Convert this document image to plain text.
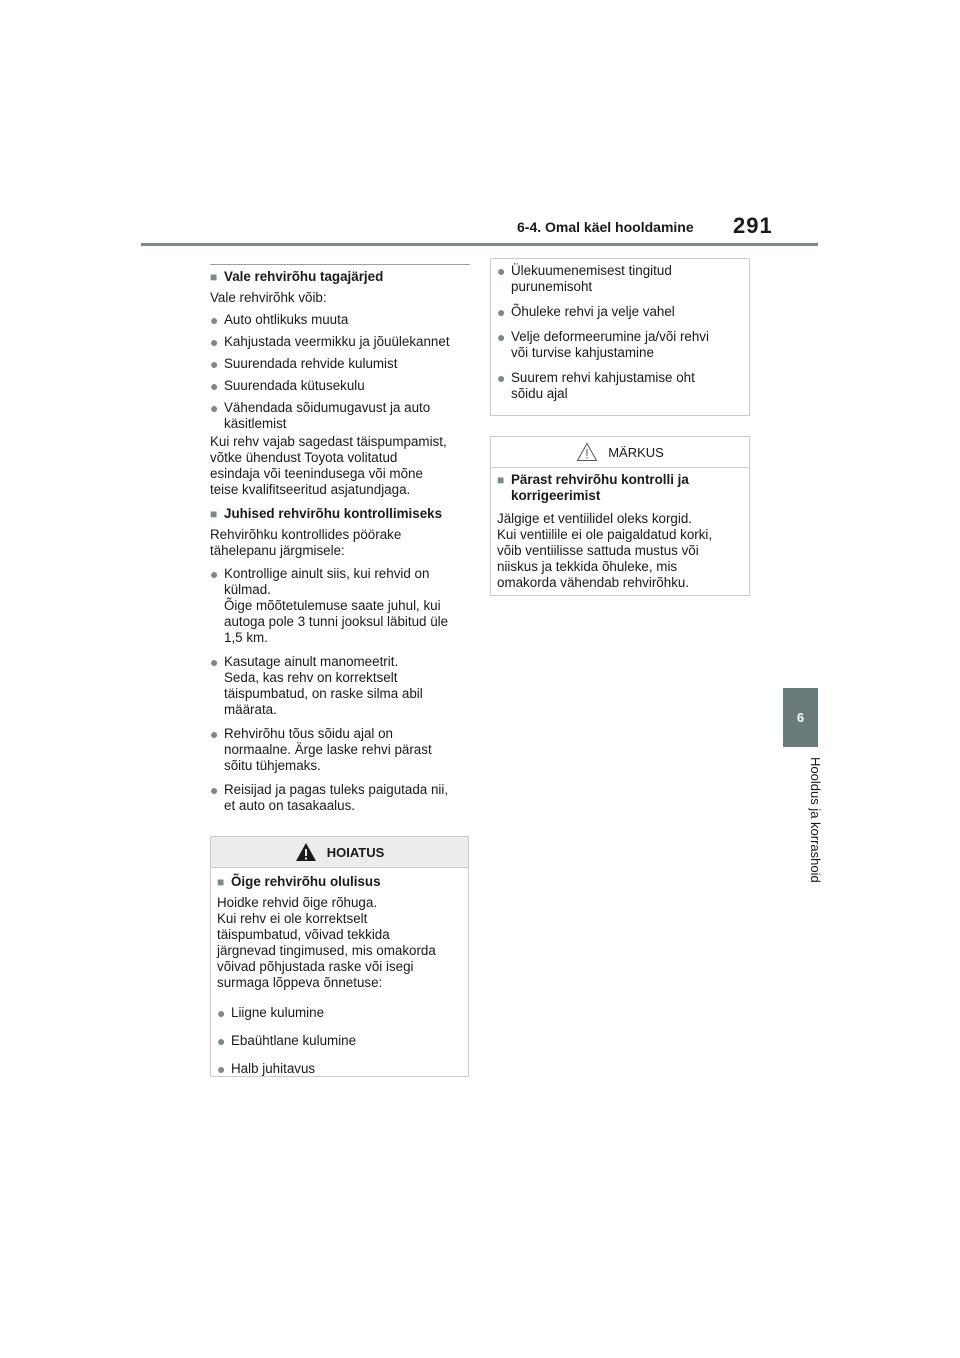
6-4. Omal käel hooldamine 291
6
Hooldus ja korrashoid
■ Vale rehvirõhu tagajärjed
Vale rehvirõhk võib:
● Auto ohtlikuks muuta
● Kahjustada veermikku ja jõuülekannet
● Suurendada rehvide kulumist
● Suurendada kütusekulu
● Vähendada sõidumugavust ja auto
käsitlemist
Kui rehv vajab sagedast täispumpamist,
võtke ühendust Toyota volitatud
esindaja või teenindusega või mõne
teise kvalifitseeritud asjatundjaga.
■ Juhised rehvirõhu kontrollimiseks
Rehvirõhku kontrollides pöörake
tähelepanu järgmisele:
● Kontrollige ainult siis, kui rehvid on
külmad.
Õige mõõtetulemuse saate juhul, kui
autoga pole 3 tunni jooksul läbitud üle
1,5 km.
● Kasutage ainult manomeetrit.
Seda, kas rehv on korrektselt
täispumbatud, on raske silma abil
määrata.
● Rehvirõhu tõus sõidu ajal on
normaalne. Ärge laske rehvi pärast
sõitu tühjemaks.
● Reisijad ja pagas tuleks paigutada nii,
et auto on tasakaalus.
HOIATUS
■ Õige rehvirõhu olulisus
Hoidke rehvid õige rõhuga.
Kui rehv ei ole korrektselt
täispumbatud, võivad tekkida
järgnevad tingimused, mis omakorda
võivad põhjustada raske või isegi
surmaga lõppeva õnnetuse:
● Liigne kulumine
● Ebaühtlane kulumine
● Halb juhitavus
● Ülekuumenemisest tingitud
purunemisoht
● Õhuleke rehvi ja velje vahel
● Velje deformeerumine ja/või rehvi
või turvise kahjustamine
● Suurem rehvi kahjustamise oht
sõidu ajal
MÄRKUS
■ Pärast rehvirõhu kontrolli ja
korrigeerimist
Jälgige et ventiilidel oleks korgid.
Kui ventiilile ei ole paigaldatud korki,
võib ventiilisse sattuda mustus või
niiskus ja tekkida õhuleke, mis
omakorda vähendab rehvirõhku.
